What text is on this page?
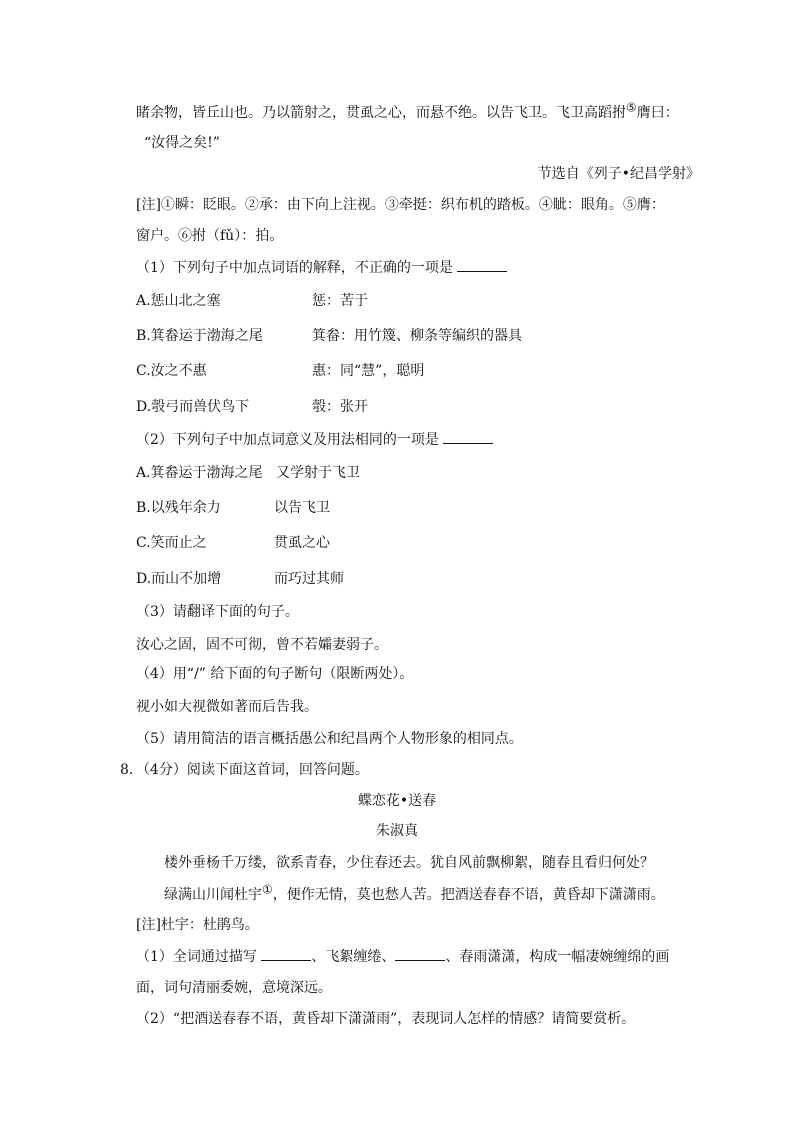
睹余物，皆丘山也。乃以箭射之，贯虱之心，而悬不绝。以告飞卫。飞卫高蹈拊⑤膺曰：
“汝得之矣!”
节选自《列子•纪昌学射》
[注]①瞬：眨眼。②承：由下向上注视。③牵挺：织布机的踏板。④眦：眼角。⑤膺：
窗户。⑥拊（fǔ）：拍。
（1）下列句子中加点词语的解释，不正确的一项是
A.惩山北之塞	惩：苦于
B.箕畚运于渤海之尾	箕畚：用竹篾、柳条等编织的器具
C.汝之不惠	惠：同“慧”，聪明
D.彀弓而兽伏鸟下	彀：张开
（2）下列句子中加点词意义及用法相同的一项是
A.箕畚运于渤海之尾 又学射于飞卫
B.以残年余力	以告飞卫
C.笑而止之	贯虱之心
D.而山不加增	而巧过其师
（3）请翻译下面的句子。
汝心之固，固不可彻，曾不若孀妻弱子。
（4）用“/” 给下面的句子断句（限断两处）。
视小如大视微如著而后告我。
（5）请用简洁的语言概括愚公和纪昌两个人物形象的相同点。
8．（4分）阅读下面这首词，回答问题。
蝶恋花•送春
朱淑真
楼外垂杨千万缕，欲系青春，少住春还去。犹自风前飘柳絮，随春且看归何处？
绿满山川闻杜宇①，便作无情，莫也愁人苦。把酒送春春不语，黄昏却下潇潇雨。
[注]杜宇：杜鹃鸟。
（1）全词通过描写	、飞絮缠绻、	、春雨潇潇，构成一幅凄婉缠绵的画
面，词句清丽委婉，意境深远。
（2）“把酒送春春不语，黄昏却下潇潇雨”，表现词人怎样的情感？请简要赏析。
